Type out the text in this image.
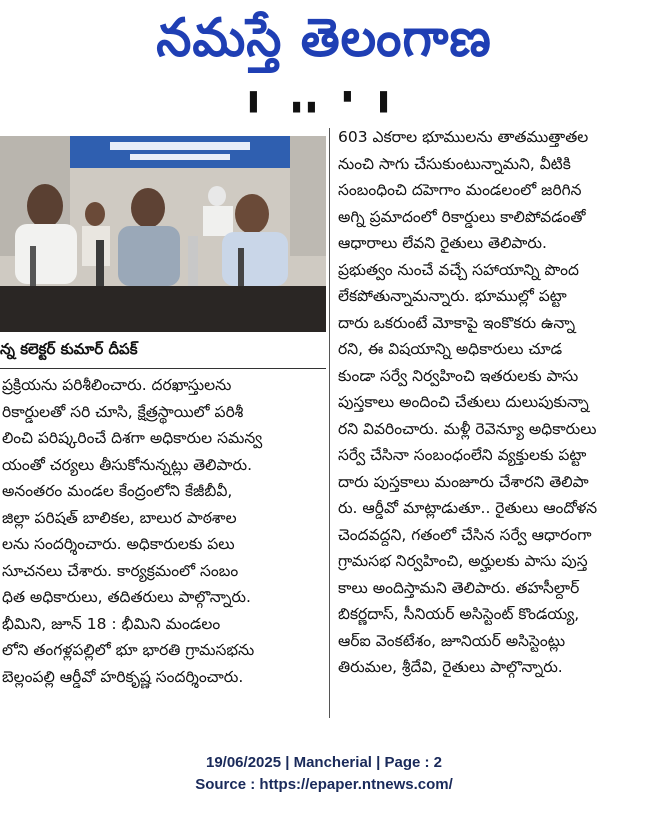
నమస్తే తెలంగాణ
▌ ▗▖ ▘ ▌
న్న కలెక్టర్ కుమార్ దీపక్

ప్రక్రియను పరిశీలించారు. దరఖాస్తులను

రికార్డులతో సరి చూసి, క్షేత్రస్థాయిలో పరిశీ

లించి పరిష్కరించే దిశగా అధికారుల సమన్వ

యంతో చర్యలు తీసుకోనున్నట్లు తెలిపారు.

అనంతరం మండల కేంద్రంలోని కేజీబీవీ,

జిల్లా పరిషత్ బాలికల, బాలుర పాఠశాల

లను సందర్శించారు. అధికారులకు పలు

సూచనలు చేశారు. కార్యక్రమంలో సంబం

ధిత అధికారులు, తదితరులు పాల్గొన్నారు.

భీమిని, జూన్ 18 : భీమిని మండలం

లోని తంగళ్లపల్లిలో భూ భారతి గ్రామసభను

బెల్లంపల్లి ఆర్డీవో హరికృష్ణ సందర్శించారు.

603 ఎకరాల భూములను తాతముత్తాతల

నుంచి సాగు చేసుకుంటున్నామని, వీటికి

సంబంధించి దహెగాం మండలంలో జరిగిన

అగ్ని ప్రమాదంలో రికార్డులు కాలిపోవడంతో

ఆధారాలు లేవని రైతులు తెలిపారు.

ప్రభుత్వం నుంచే వచ్చే సహాయాన్ని పొంద

లేకపోతున్నామన్నారు. భూముల్లో పట్టా

దారు ఒకరుంటే మోకాపై ఇంకొకరు ఉన్నా

రని, ఈ విషయాన్ని అధికారులు చూడ

కుండా సర్వే నిర్వహించి ఇతరులకు పాసు

పుస్తకాలు అందించి చేతులు దులుపుకున్నా

రని వివరించారు. మళ్లీ రెవెన్యూ అధికారులు

సర్వే చేసినా సంబంధంలేని వ్యక్తులకు పట్టా

దారు పుస్తకాలు మంజూరు చేశారని తెలిపా

రు. ఆర్డీవో మాట్లాడుతూ.. రైతులు ఆందోళన

చెందవద్దని, గతంలో చేసిన సర్వే ఆధారంగా

గ్రామసభ నిర్వహించి, అర్హులకు పాసు పుస్త

కాలు అందిస్తామని తెలిపారు. తహసీల్దార్

బికర్ణదాస్, సీనియర్ అసిస్టెంట్ కొండయ్య,

ఆర్ఐ వెంకటేశం, జూనియర్ అసిస్టెంట్లు

తిరుమల, శ్రీదేవి, రైతులు పాల్గొన్నారు.

19/06/2025 | Mancherial | Page : 2
Source : https://epaper.ntnews.com/
